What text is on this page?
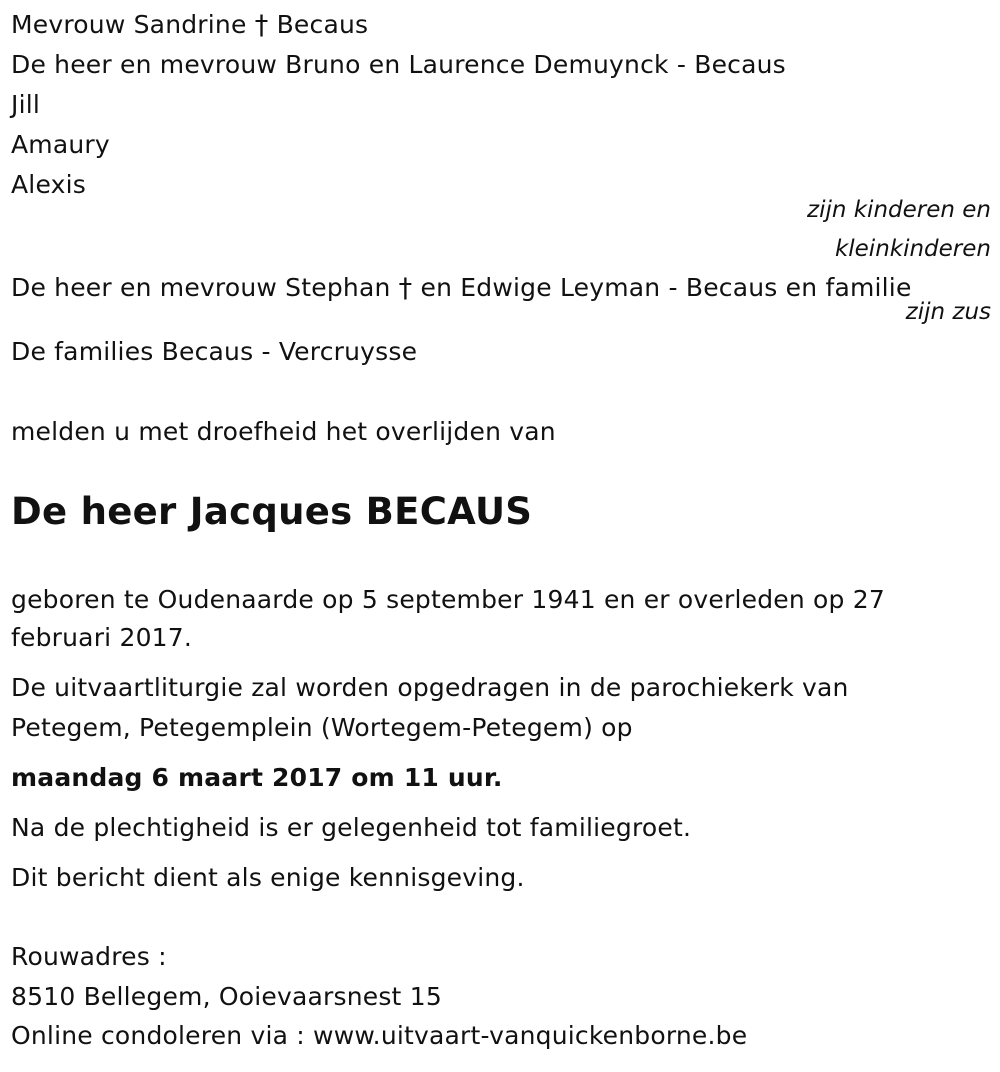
Mevrouw Sandrine † Becaus
De heer en mevrouw Bruno en Laurence Demuynck - Becaus
Jill
Amaury
Alexis
zijn kinderen en
kleinkinderen
De heer en mevrouw Stephan † en Edwige Leyman - Becaus en familie
zijn zus
De families Becaus - Vercruysse
melden u met droefheid het overlijden van
De heer Jacques BECAUS
geboren te Oudenaarde op 5 september 1941 en er overleden op 27
februari 2017.
De uitvaartliturgie zal worden opgedragen in de parochiekerk van
Petegem, Petegemplein (Wortegem-Petegem) op
maandag 6 maart 2017 om 11 uur.
Na de plechtigheid is er gelegenheid tot familiegroet.
Dit bericht dient als enige kennisgeving.
Rouwadres :
8510 Bellegem, Ooievaarsnest 15
Online condoleren via : www.uitvaart-vanquickenborne.be
